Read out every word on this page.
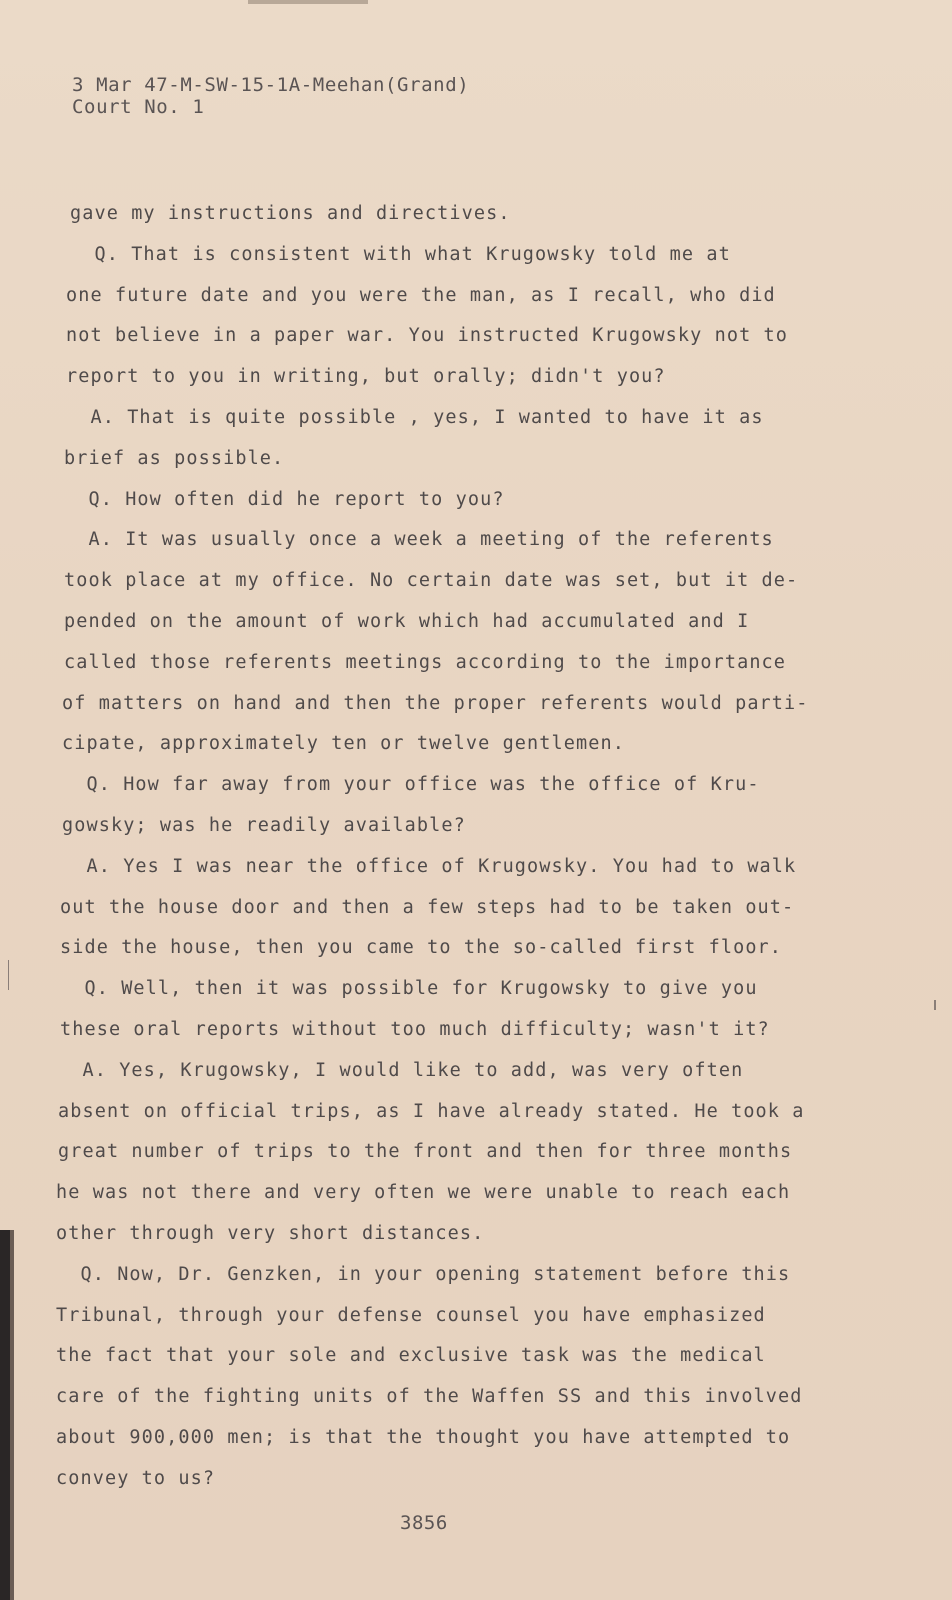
3 Mar 47-M-SW-15-1A-Meehan(Grand)
Court No. 1
gave my instructions and directives.
Q. That is consistent with what Krugowsky told me at
one future date and you were the man, as I recall, who did
not believe in a paper war. You instructed Krugowsky not to
report to you in writing, but orally; didn't you?
A. That is quite possible , yes, I wanted to have it as
brief as possible.
Q. How often did he report to you?
A. It was usually once a week a meeting of the referents
took place at my office. No certain date was set, but it de-
pended on the amount of work which had accumulated and I
called those referents meetings according to the importance
of matters on hand and then the proper referents would parti-
cipate, approximately ten or twelve gentlemen.
Q. How far away from your office was the office of Kru-
gowsky; was he readily available?
A. Yes I was near the office of Krugowsky. You had to walk
out the house door and then a few steps had to be taken out-
side the house, then you came to the so-called first floor.
Q. Well, then it was possible for Krugowsky to give you
these oral reports without too much difficulty; wasn't it?
A. Yes, Krugowsky, I would like to add, was very often
absent on official trips, as I have already stated. He took a
great number of trips to the front and then for three months
he was not there and very often we were unable to reach each
other through very short distances.
Q. Now, Dr. Genzken, in your opening statement before this
Tribunal, through your defense counsel you have emphasized
the fact that your sole and exclusive task was the medical
care of the fighting units of the Waffen SS and this involved
about 900,000 men; is that the thought you have attempted to
convey to us?
3856
